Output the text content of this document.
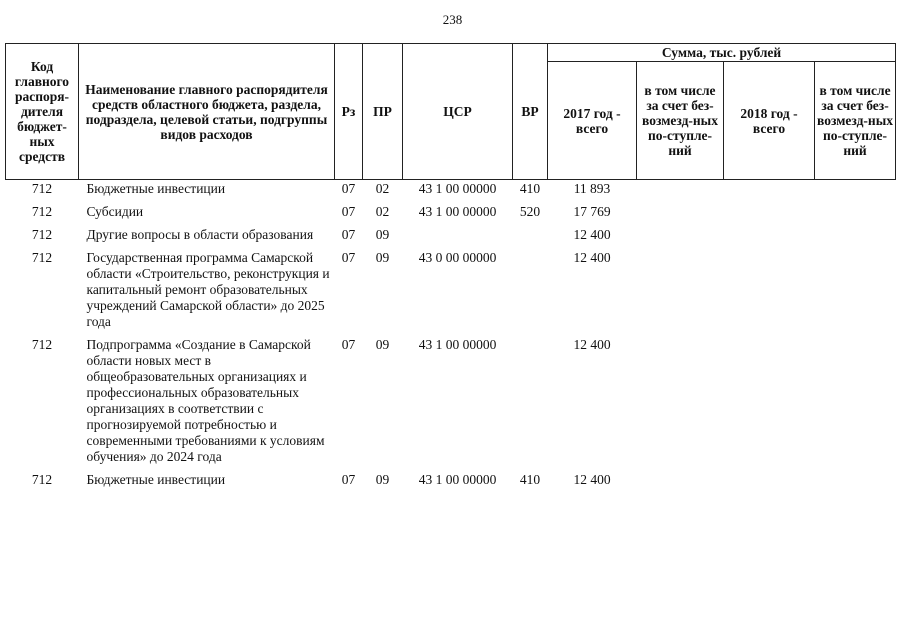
238
Код главного распоря-дителя бюджет-ных средств	Наименование главного распорядителя средств областного бюджета, раздела, подраздела, целевой статьи, подгруппы видов расходов	Рз	ПР	ЦСР	ВР	Сумма, тыс. рублей			
						2017 год - всего	в том числе за счет без-возмезд-ных по-ступле-ний	2018 год - всего	в том числе за счет без-возмезд-ных по-ступле-ний
712	Бюджетные инвестиции	07	02	43 1 00 00000	410	11 893			
712	Субсидии	07	02	43 1 00 00000	520	17 769			
712	Другие вопросы в области образования	07	09			12 400			
712	Государственная программа Самарской области «Строительство, реконструкция и капитальный ремонт образовательных учреждений Самарской области» до 2025 года	07	09	43 0 00 00000		12 400			
712	Подпрограмма «Создание в Самарской области новых мест в общеобразовательных организациях и профессиональных образовательных организациях в соответствии с прогнозируемой потребностью и современными требованиями к условиям обучения» до 2024 года	07	09	43 1 00 00000		12 400			
712	Бюджетные инвестиции	07	09	43 1 00 00000	410	12 400			
